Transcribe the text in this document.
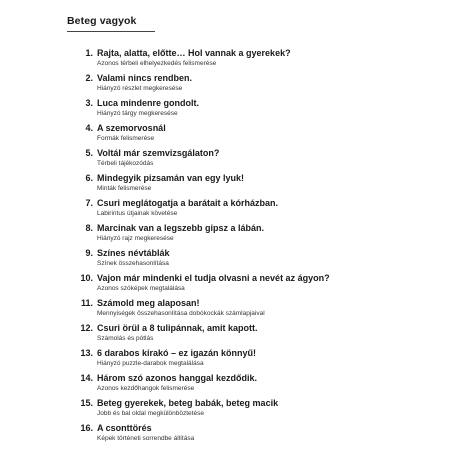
Beteg vagyok
1. Rajta, alatta, előtte… Hol vannak a gyerekek?
Azonos térbeli elhelyezkedés felismerése
2. Valami nincs rendben.
Hiányzó részlet megkeresése
3. Luca mindenre gondolt.
Hiányzó tárgy megkeresése
4. A szemorvosnál
Formák felismerése
5. Voltál már szemvizsgálaton?
Térbeli tájékozódás
6. Mindegyik pizsamán van egy lyuk!
Minták felismerése
7. Csuri meglátogatja a barátait a kórházban.
Labirintus útjainak követése
8. Marcinak van a legszebb gipsz a lábán.
Hiányzó rajz megkeresése
9. Színes névtáblák
Színek összehasonlítása
10. Vajon már mindenki el tudja olvasni a nevét az ágyon?
Azonos szóképek megtalálása
11. Számold meg alaposan!
Mennyiségek összehasonlítása dobókockák számlapjaival
12. Csuri örül a 8 tulipánnak, amit kapott.
Számolás és pótlás
13. 6 darabos kirakó – ez igazán könnyű!
Hiányzó puzzle-darabok megtalálása
14. Három szó azonos hanggal kezdődik.
Azonos kezdőhangok felismerése
15. Beteg gyerekek, beteg babák, beteg macik
Jobb és bal oldal megkülönböztetése
16. A csonttörés
Képek történeti sorrendbe állítása
